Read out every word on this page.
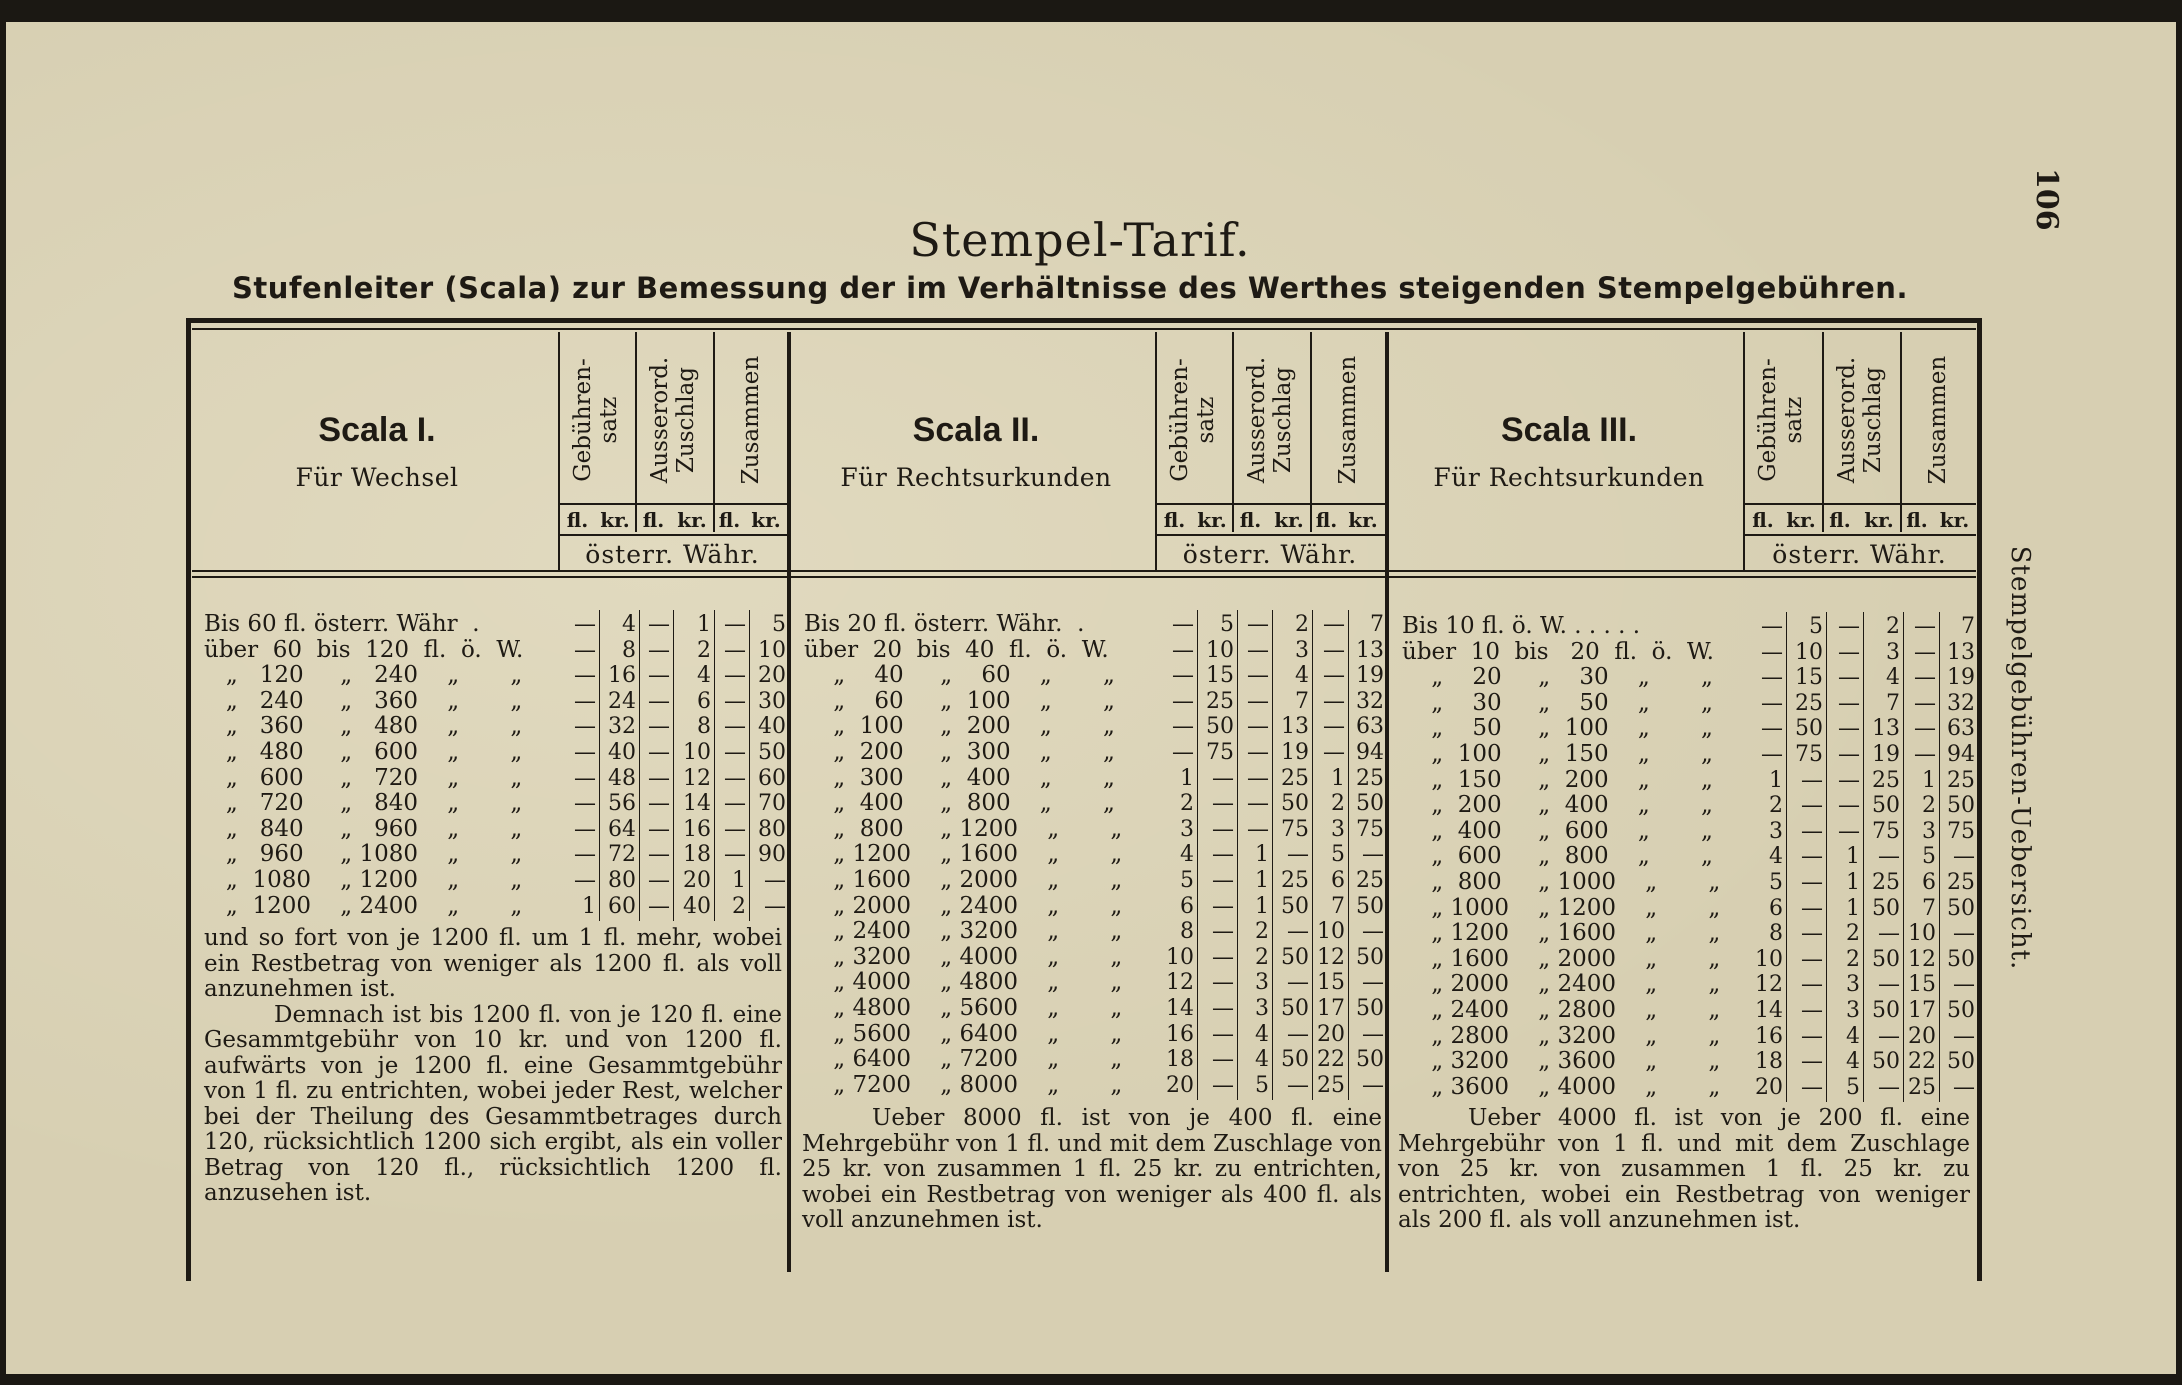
106
Stempelgebühren-Uebersicht.
Stempel-Tarif.
Stufenleiter (Scala) zur Bemessung der im Verhältnisse des Werthes steigenden Stempelgebühren.
Scala I.
Für Wechsel	Gebühren-
satz	Ausserord.
Zuschlag	Zusammen
fl. kr. fl. kr. fl. kr.
österr. Währ.
Scala II.
Für Rechtsurkunden	Gebühren-
satz	Ausserord.
Zuschlag	Zusammen
fl. kr. fl. kr. fl. kr.
österr. Währ.
Scala III.
Für Rechtsurkunden	Gebühren-
satz	Ausserord.
Zuschlag	Zusammen
fl. kr. fl. kr. fl. kr.
österr. Währ.
Bis 60 fl. österr. Währ  .	—	4 —	1 —	5
über  60  bis  120  fl.  ö.  W.	—	8 —	2 — 10
„   120     „   240    „       „	— 16 —	4 — 20
„   240     „   360    „       „	— 24 —	6 — 30
„   360     „   480    „       „	— 32 —	8 — 40
„   480     „   600    „       „	— 40 — 10 — 50
„   600     „   720    „       „	— 48 — 12 — 60
„   720     „   840    „       „	— 56 — 14 — 70
„   840     „   960    „       „	— 64 — 16 — 80
„   960     „ 1080    „       „	— 72 — 18 — 90
„  1080    „ 1200    „       „	— 80 — 20 1 —
„  1200    „ 2400    „       „	1 60 — 40 2 —
Bis 20 fl. österr. Währ.  .	—	5 —	2 —	7
über  20  bis  40  fl.  ö.  W.	— 10 —	3 — 13
„    40     „    60    „       „	— 15 —	4 — 19
„    60     „  100    „       „	— 25 —	7 — 32
„  100     „  200    „       „	— 50 — 13 — 63
„  200     „  300    „       „	— 75 — 19 — 94
„  300     „  400    „       „	1 — — 25	1 25
„  400     „  800    „       „	2 — — 50	2 50
„  800     „ 1200    „       „	3 — — 75	3 75
„ 1200    „ 1600    „       „	4 — 1 —	5 —
„ 1600    „ 2000    „       „	5 — 1 25	6 25
„ 2000    „ 2400    „       „	6 — 1 50	7 50
„ 2400    „ 3200    „       „	8 — 2 — 10 —
„ 3200    „ 4000    „       „	10 — 2 50 12 50
„ 4000    „ 4800    „       „	12 — 3 — 15 —
„ 4800    „ 5600    „       „	14 — 3 50 17 50
„ 5600    „ 6400    „       „	16 — 4 — 20 —
„ 6400    „ 7200    „       „	18 — 4 50 22 50
„ 7200    „ 8000    „       „	20 — 5 — 25 —
Bis 10 fl. ö. W. . . . . .	—	5 —	2 —	7
über  10  bis   20  fl.  ö.  W.	— 10 —	3 — 13
„    20     „    30    „       „	— 15 —	4 — 19
„    30     „    50    „       „	— 25 —	7 — 32
„    50     „  100    „       „	— 50 — 13 — 63
„  100     „  150    „       „	— 75 — 19 — 94
„  150     „  200    „       „	1 — — 25	1 25
„  200     „  400    „       „	2 — — 50	2 50
„  400     „  600    „       „	3 — — 75	3 75
„  600     „  800    „       „	4 —	1 —	5 —
„  800     „ 1000    „       „	5 —	1 25	6 25
„ 1000    „ 1200    „       „	6 —	1 50	7 50
„ 1200    „ 1600    „       „	8 —	2 — 10 —
„ 1600    „ 2000    „       „	10 —	2 50 12 50
„ 2000    „ 2400    „       „	12 —	3 — 15 —
„ 2400    „ 2800    „       „	14 —	3 50 17 50
„ 2800    „ 3200    „       „	16 —	4 — 20 —
„ 3200    „ 3600    „       „	18 —	4 50 22 50
„ 3600    „ 4000    „       „	20 —	5 — 25 —

und so fort von je 1200 fl. um 1 fl. mehr, wobei ein Restbetrag von weniger als 1200 fl. als voll anzunehmen ist.

Demnach ist bis 1200 fl. von je 120 fl. eine Gesammtgebühr von 10 kr. und von 1200 fl. aufwärts von je 1200 fl. eine Gesammtgebühr von 1 fl. zu entrichten, wobei jeder Rest, welcher bei der Theilung des Gesammtbetrages durch 120, rücksichtlich 1200 sich ergibt, als ein voller Betrag von 120 fl., rücksichtlich 1200 fl. anzusehen ist.

Ueber 8000 fl. ist von je 400 fl. eine Mehrgebühr von 1 fl. und mit dem Zuschlage von 25 kr. von zusammen 1 fl. 25 kr. zu entrichten, wobei ein Restbetrag von weniger als 400 fl. als voll anzunehmen ist.

Ueber 4000 fl. ist von je 200 fl. eine Mehrgebühr von 1 fl. und mit dem Zuschlage von 25 kr. von zusammen 1 fl. 25 kr. zu entrichten, wobei ein Restbetrag von weniger als 200 fl. als voll anzunehmen ist.
